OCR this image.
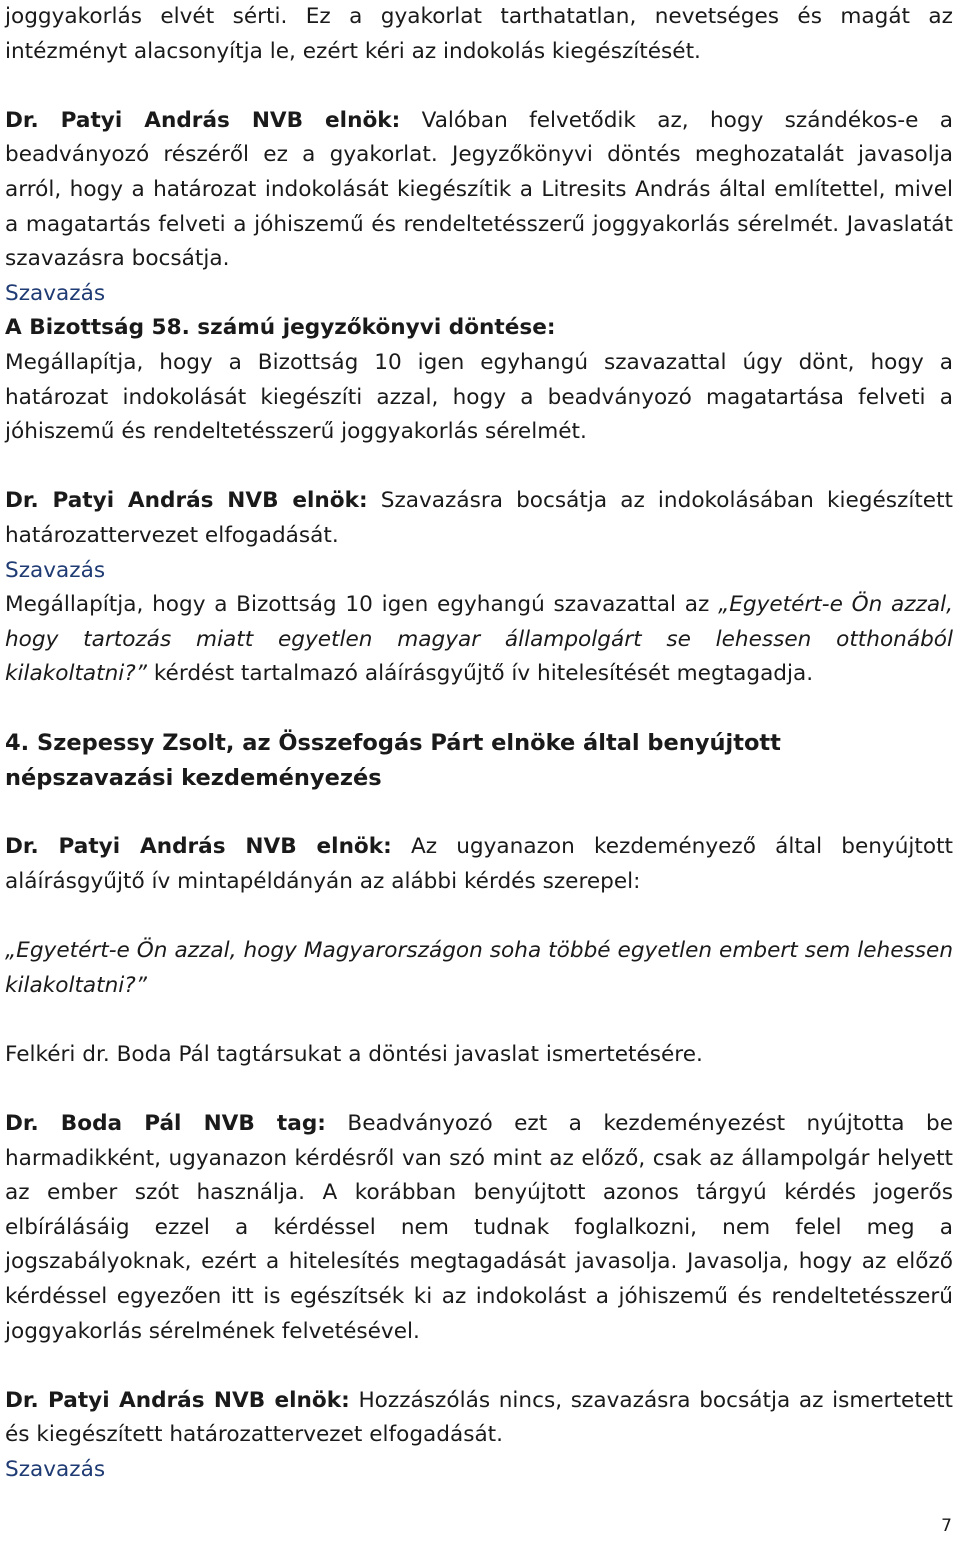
joggyakorlás elvét sérti. Ez a gyakorlat tarthatatlan, nevetséges és magát az intézményt alacsonyítja le, ezért kéri az indokolás kiegészítését.

Dr. Patyi András NVB elnök: Valóban felvetődik az, hogy szándékos-e a beadványozó részéről ez a gyakorlat. Jegyzőkönyvi döntés meghozatalát javasolja arról, hogy a határozat indokolását kiegészítik a Litresits András által említettel, mivel a magatartás felveti a jóhiszemű és rendeltetésszerű joggyakorlás sérelmét. Javaslatát szavazásra bocsátja.

Szavazás
A Bizottság 58. számú jegyzőkönyvi döntése:

Megállapítja, hogy a Bizottság 10 igen egyhangú szavazattal úgy dönt, hogy a határozat indokolását kiegészíti azzal, hogy a beadványozó magatartása felveti a jóhiszemű és rendeltetésszerű joggyakorlás sérelmét.

Dr. Patyi András NVB elnök: Szavazásra bocsátja az indokolásában kiegészített határozattervezet elfogadását.

Szavazás

Megállapítja, hogy a Bizottság 10 igen egyhangú szavazattal az „Egyetért-e Ön azzal, hogy tartozás miatt egyetlen magyar állampolgárt se lehessen otthonából kilakoltatni?” kérdést tartalmazó aláírásgyűjtő ív hitelesítését megtagadja.

4. Szepessy Zsolt, az Összefogás Párt elnöke által benyújtott népszavazási kezdeményezés

Dr. Patyi András NVB elnök: Az ugyanazon kezdeményező által benyújtott aláírásgyűjtő ív mintapéldányán az alábbi kérdés szerepel:

„Egyetért-e Ön azzal, hogy Magyarországon soha többé egyetlen embert sem lehessen kilakoltatni?”

Felkéri dr. Boda Pál tagtársukat a döntési javaslat ismertetésére.

Dr. Boda Pál NVB tag: Beadványozó ezt a kezdeményezést nyújtotta be harmadikként, ugyanazon kérdésről van szó mint az előző, csak az állampolgár helyett az ember szót használja. A korábban benyújtott azonos tárgyú kérdés jogerős elbírálásáig ezzel a kérdéssel nem tudnak foglalkozni, nem felel meg a jogszabályoknak, ezért a hitelesítés megtagadását javasolja. Javasolja, hogy az előző kérdéssel egyezően itt is egészítsék ki az indokolást a jóhiszemű és rendeltetésszerű joggyakorlás sérelmének felvetésével.

Dr. Patyi András NVB elnök: Hozzászólás nincs, szavazásra bocsátja az ismertetett és kiegészített határozattervezet elfogadását.

Szavazás
7
